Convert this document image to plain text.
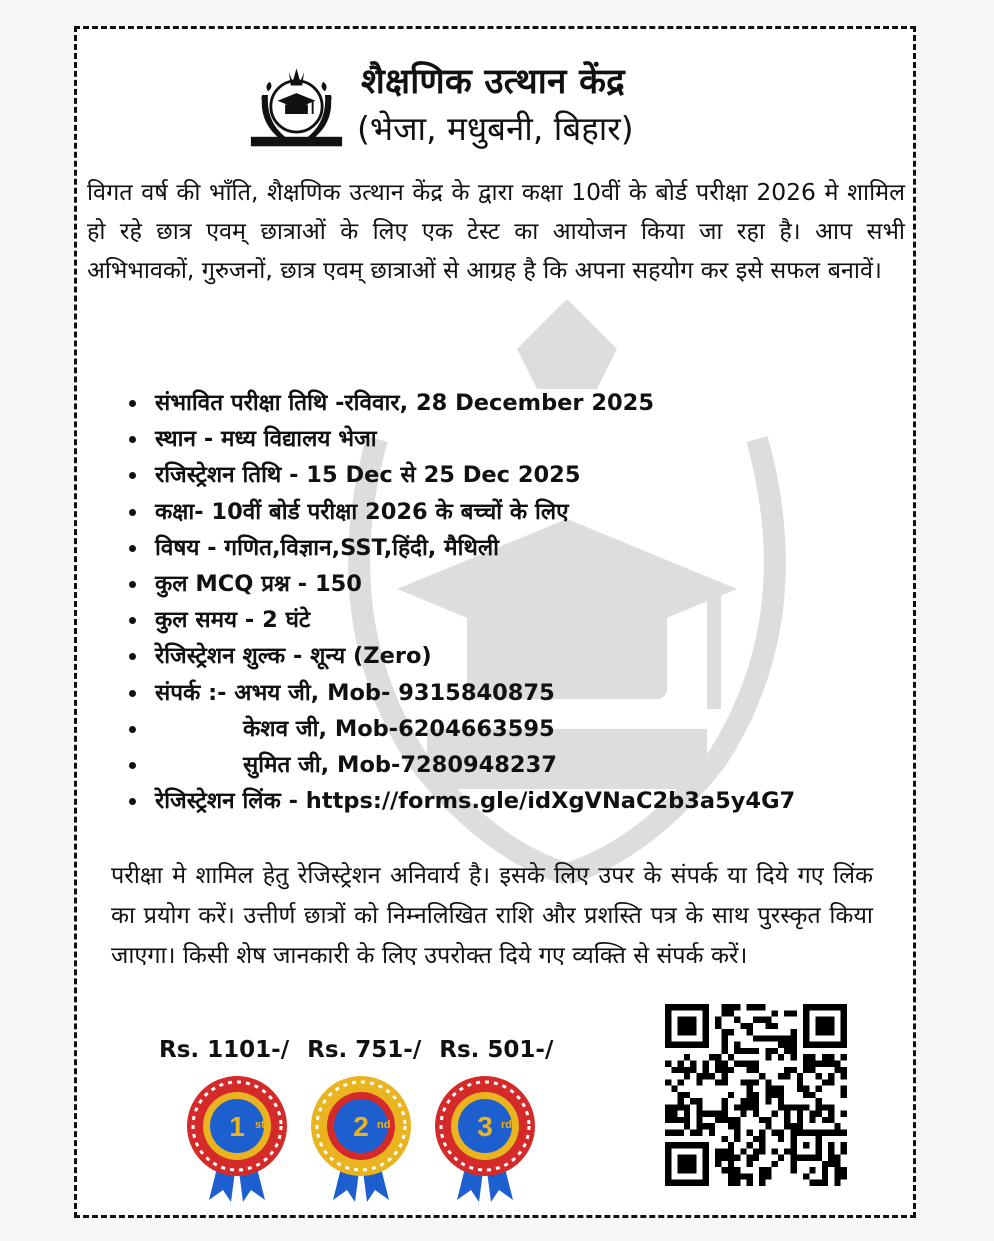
शैक्षणिक उत्थान केंद्र
(भेजा, मधुबनी, बिहार)
विगत वर्ष की भाँति, शैक्षणिक उत्थान केंद्र के द्वारा कक्षा 10वीं के बोर्ड परीक्षा 2026 मे शामिल हो रहे छात्र एवम् छात्राओं के लिए एक टेस्ट का आयोजन किया जा रहा है। आप सभी अभिभावकों, गुरुजनों, छात्र एवम् छात्राओं से आग्रह है कि अपना सहयोग कर इसे सफल बनावें।
संभावित परीक्षा तिथि -रविवार, 28 December 2025
स्थान - मध्य विद्यालय भेजा
रजिस्ट्रेशन तिथि - 15 Dec से 25 Dec 2025
कक्षा- 10वीं बोर्ड परीक्षा 2026 के बच्चों के लिए
विषय - गणित,विज्ञान,SST,हिंदी, मैथिली
कुल MCQ प्रश्न - 150
कुल समय - 2 घंटे
रेजिस्ट्रेशन शुल्क - शून्य (Zero)
संपर्क :- अभय जी, Mob- 9315840875
केशव जी, Mob-6204663595
सुमित जी, Mob-7280948237
रेजिस्ट्रेशन लिंक - https://forms.gle/idXgVNaC2b3a5y4G7
परीक्षा मे शामिल हेतु रेजिस्ट्रेशन अनिवार्य है। इसके लिए उपर के संपर्क या दिये गए लिंक का प्रयोग करें। उत्तीर्ण छात्रों को निम्नलिखित राशि और प्रशस्ति पत्र के साथ पुरस्कृत किया जाएगा। किसी शेष जानकारी के लिए उपरोक्त दिये गए व्यक्ति से संपर्क करें।
Rs. 1101-/ Rs. 751-/ Rs. 501-/
1 st	2 nd	3 rd
